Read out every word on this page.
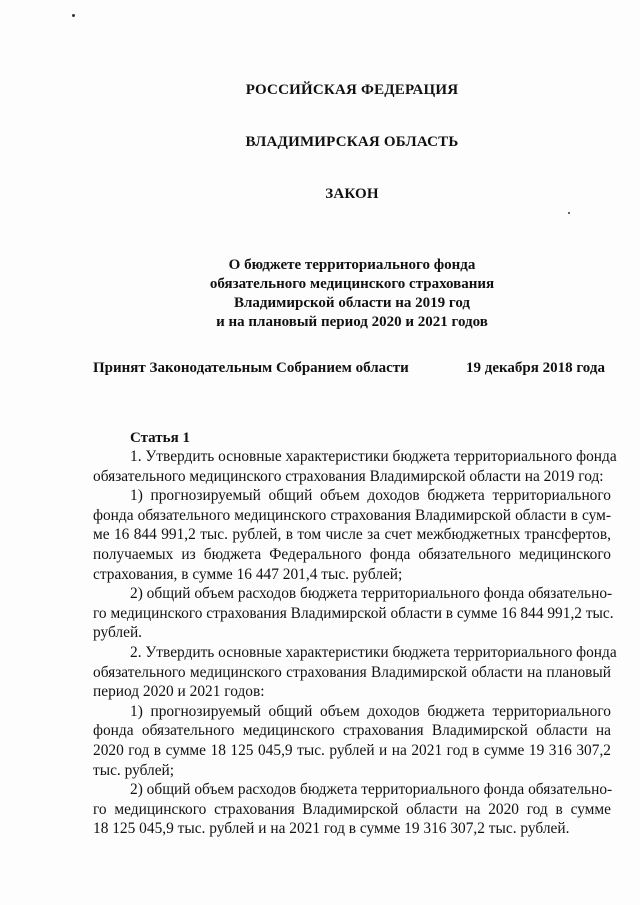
РОССИЙСКАЯ ФЕДЕРАЦИЯ
ВЛАДИМИРСКАЯ ОБЛАСТЬ
ЗАКОН
О бюджете территориального фонда
обязательного медицинского страхования
Владимирской области на 2019 год
и на плановый период 2020 и 2021 годов
Принят Законодательным Собранием области	19 декабря 2018 года
Статья 1
1. Утвердить основные характеристики бюджета территориального фонда
обязательного медицинского страхования Владимирской области на 2019 год:
1) прогнозируемый общий объем доходов бюджета территориального
фонда обязательного медицинского страхования Владимирской области в сум-
ме 16 844 991,2 тыс. рублей, в том числе за счет межбюджетных трансфертов,
получаемых из бюджета Федерального фонда обязательного медицинского
страхования, в сумме 16 447 201,4 тыс. рублей;
2) общий объем расходов бюджета территориального фонда обязательно-
го медицинского страхования Владимирской области в сумме 16 844 991,2 тыс.
рублей.
2. Утвердить основные характеристики бюджета территориального фонда
обязательного медицинского страхования Владимирской области на плановый
период 2020 и 2021 годов:
1) прогнозируемый общий объем доходов бюджета территориального
фонда обязательного медицинского страхования Владимирской области на
2020 год в сумме 18 125 045,9 тыс. рублей и на 2021 год в сумме 19 316 307,2
тыс. рублей;
2) общий объем расходов бюджета территориального фонда обязательно-
го медицинского страхования Владимирской области на 2020 год в сумме
18 125 045,9 тыс. рублей и на 2021 год в сумме 19 316 307,2 тыс. рублей.
